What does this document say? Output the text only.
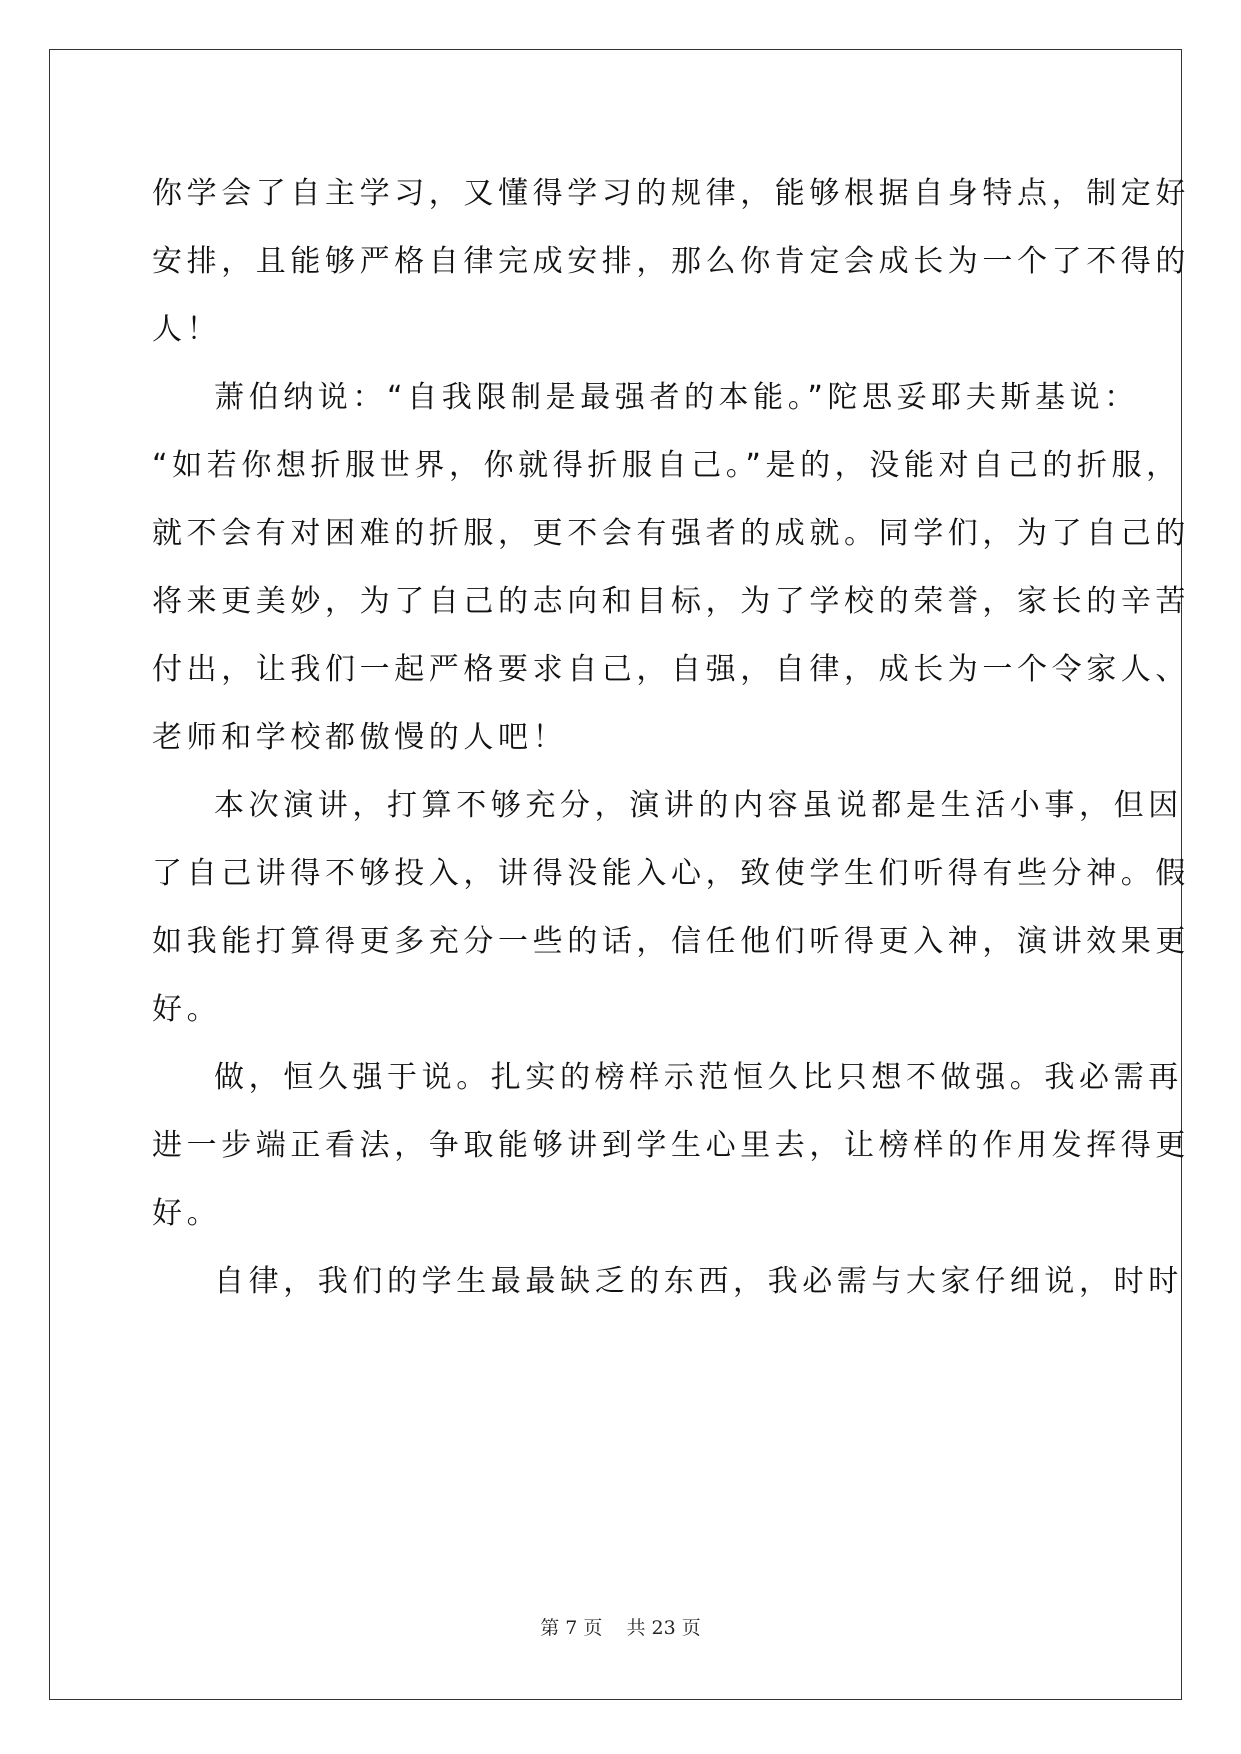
你学会了自主学习，又懂得学习的规律，能够根据自身特点，制定好
安排，且能够严格自律完成安排，那么你肯定会成长为一个了不得的
人！
萧伯纳说：“自我限制是最强者的本能。”陀思妥耶夫斯基说：
“如若你想折服世界，你就得折服自己。”是的，没能对自己的折服，
就不会有对困难的折服，更不会有强者的成就。同学们，为了自己的
将来更美妙，为了自己的志向和目标，为了学校的荣誉，家长的辛苦
付出，让我们一起严格要求自己，自强，自律，成长为一个令家人、
老师和学校都傲慢的人吧！
本次演讲，打算不够充分，演讲的内容虽说都是生活小事，但因
了自己讲得不够投入，讲得没能入心，致使学生们听得有些分神。假
如我能打算得更多充分一些的话，信任他们听得更入神，演讲效果更
好。
做，恒久强于说。扎实的榜样示范恒久比只想不做强。我必需再
进一步端正看法，争取能够讲到学生心里去，让榜样的作用发挥得更
好。
自律，我们的学生最最缺乏的东西，我必需与大家仔细说，时时
第 7 页 共 23 页
